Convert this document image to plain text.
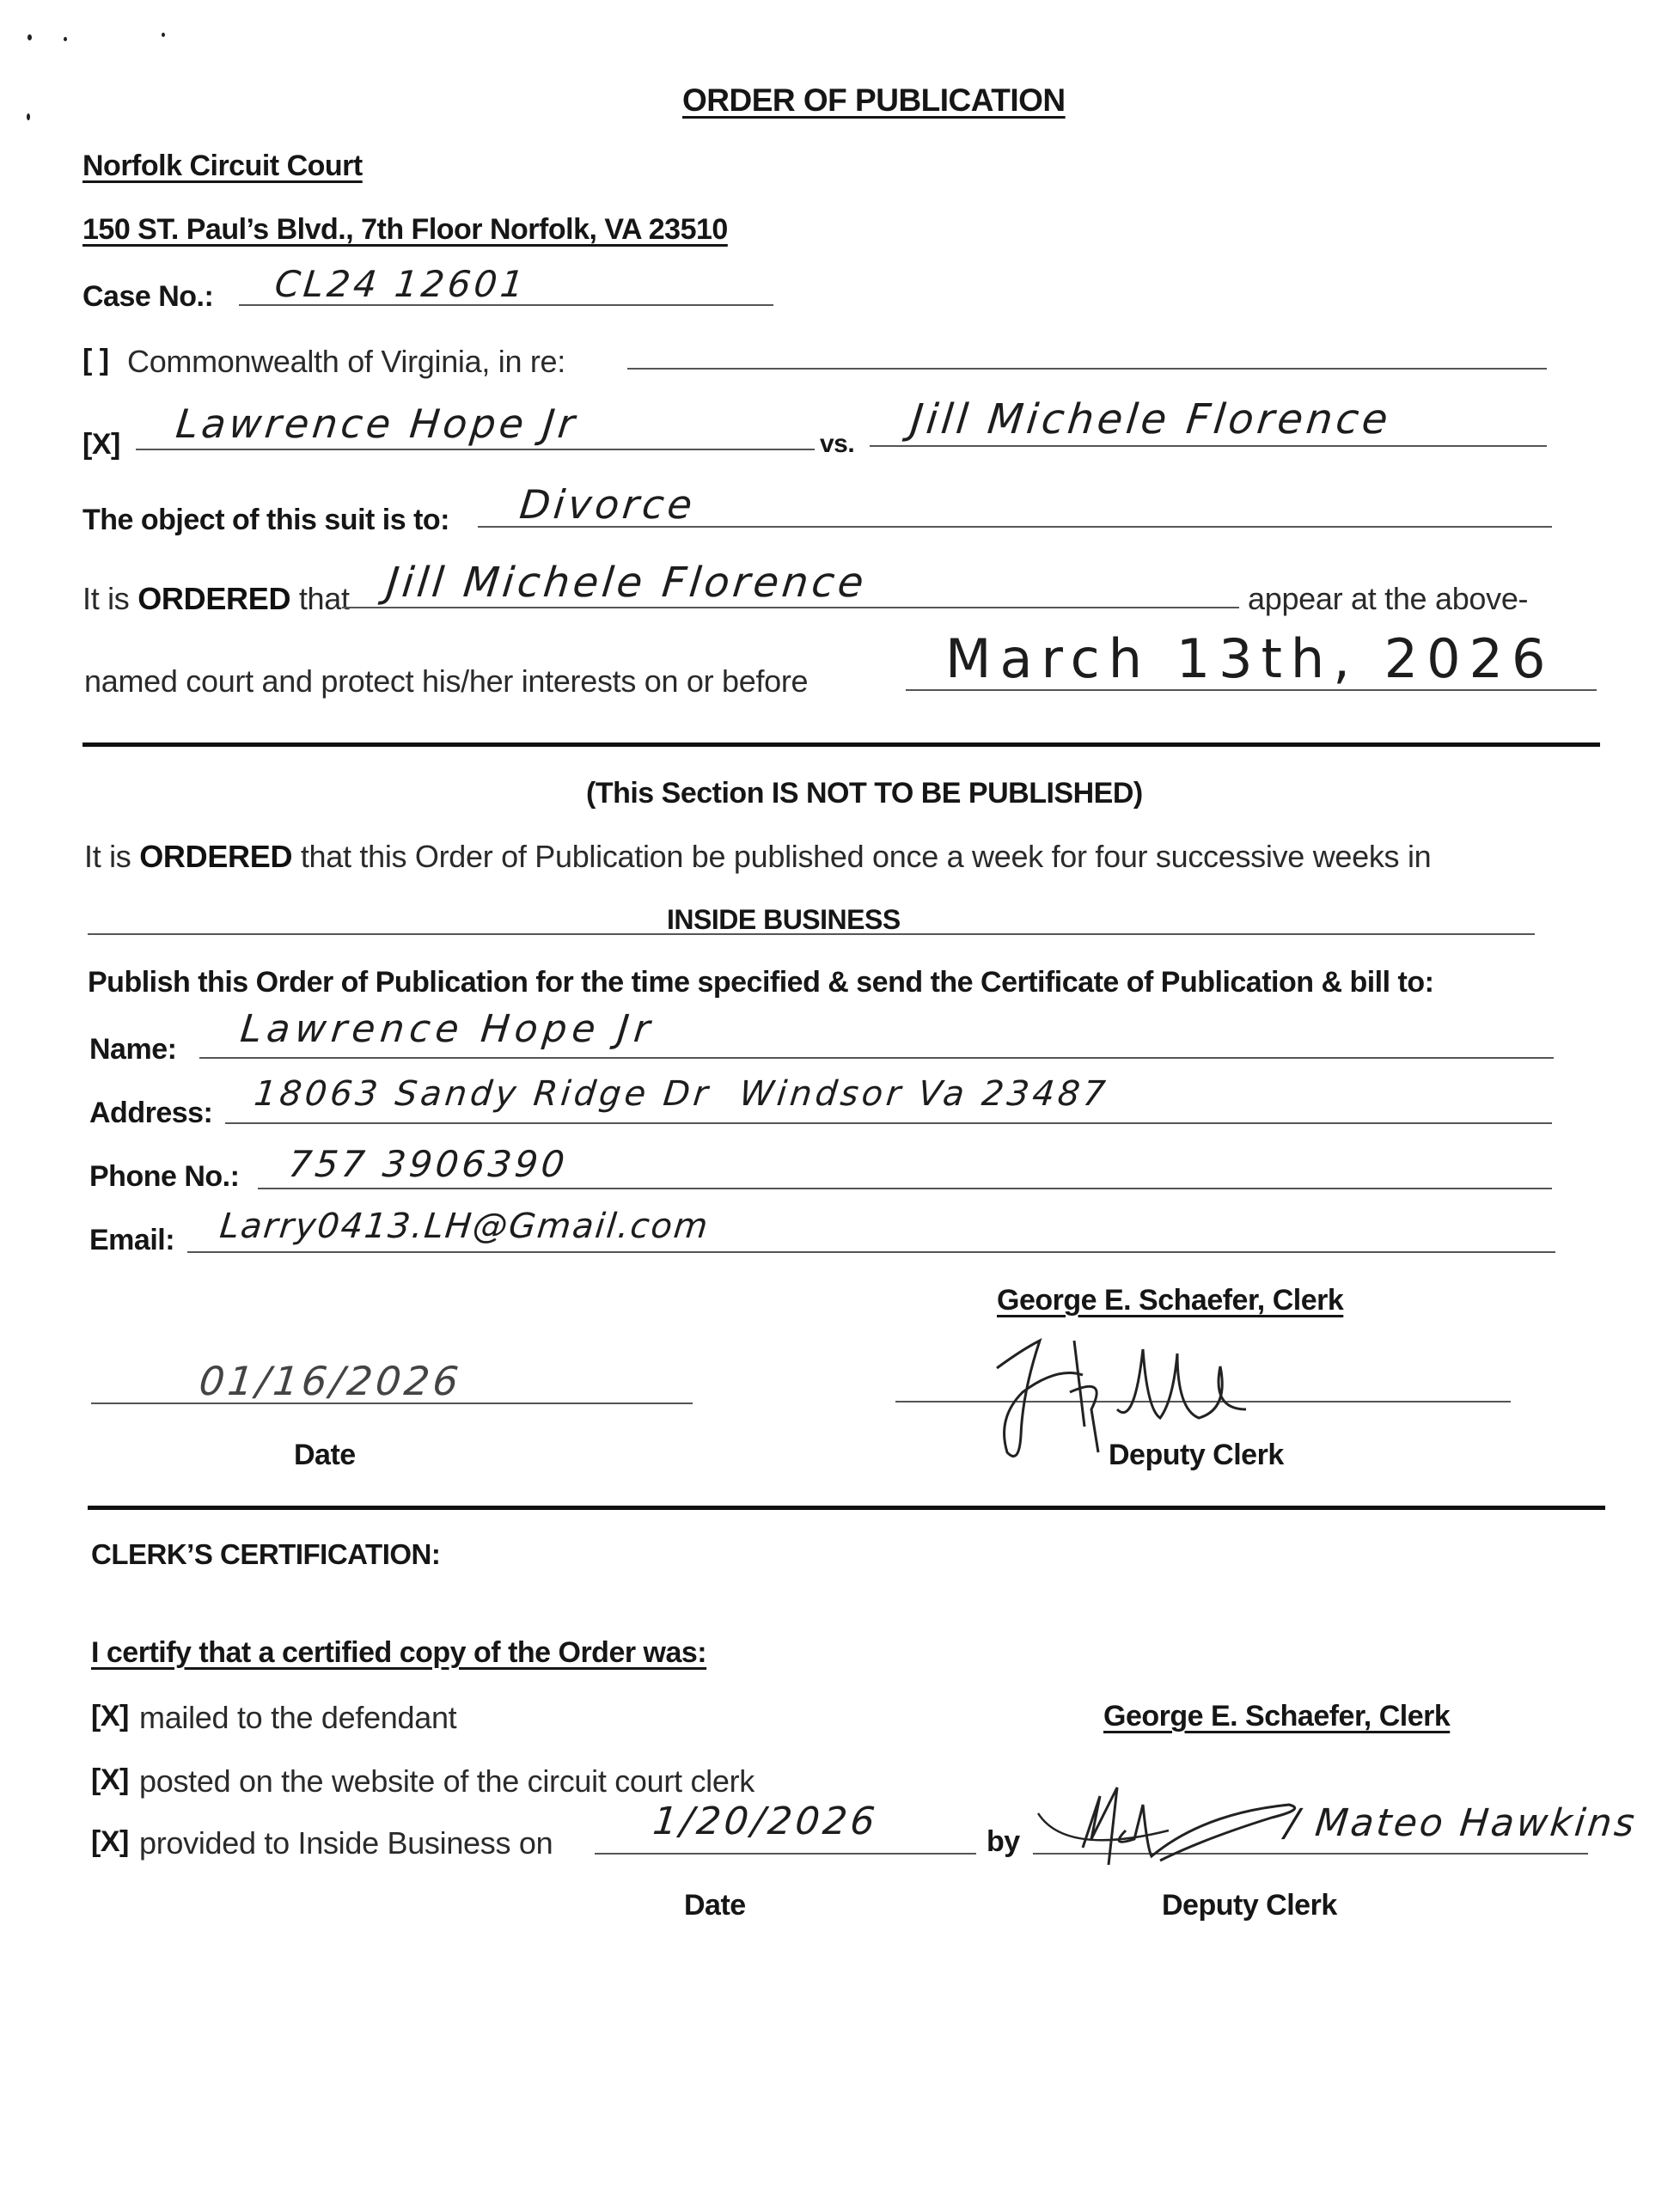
ORDER OF PUBLICATION
Norfolk Circuit Court
150 ST. Paul’s Blvd., 7th Floor Norfolk, VA 23510
Case No.: CL24 12601
[ ] Commonwealth of Virginia, in re:
[X] Lawrence Hope Jr	vs.
Jill Michele Florence
The object of this suit is to: Divorce
It is ORDERED that Jill Michele Florence	appear at the above-
named court and protect his/her interests on or before	March 13th, 2026
(This Section IS NOT TO BE PUBLISHED)
It is ORDERED that this Order of Publication be published once a week for four successive weeks in
INSIDE BUSINESS
Publish this Order of Publication for the time specified & send the Certificate of Publication & bill to:
Name: Lawrence Hope Jr
Address: 18063 Sandy Ridge Dr  Windsor Va 23487
Phone No.: 757 3906390
Email: Larry0413.LH@Gmail.com
George E. Schaefer, Clerk
01/16/2026
Date	Deputy Clerk
CLERK’S CERTIFICATION:
I certify that a certified copy of the Order was:
[X] mailed to the defendant	George E. Schaefer, Clerk
[X] posted on the website of the circuit court clerk
[X] provided to Inside Business on	1/20/2026	by	/ Mateo Hawkins
Date	Deputy Clerk
